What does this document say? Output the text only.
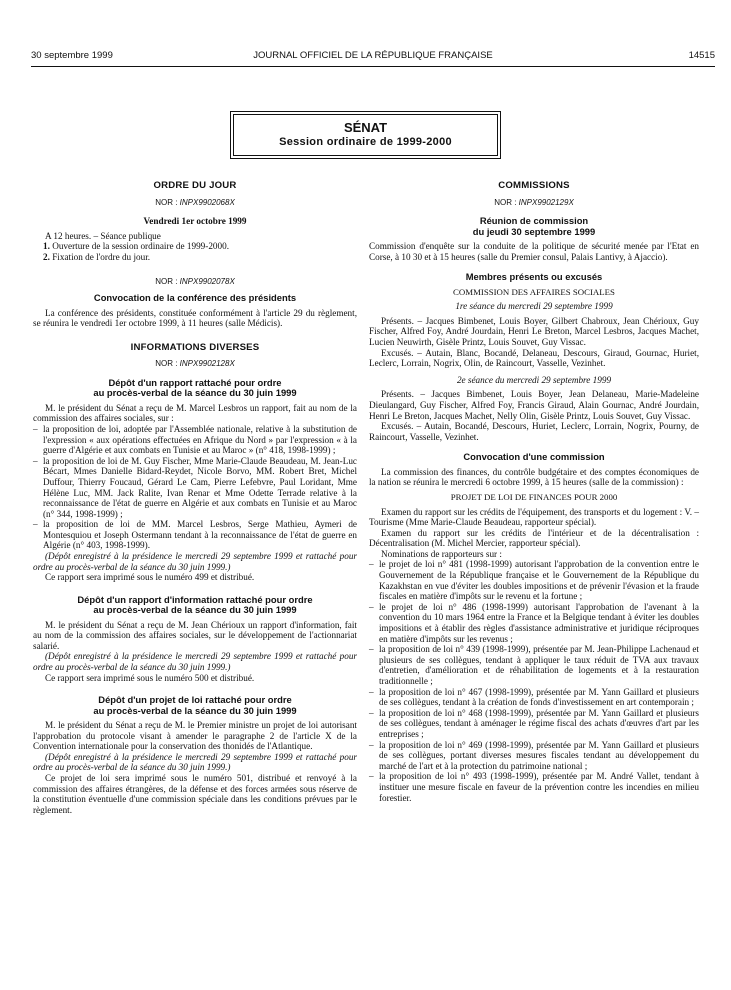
30 septembre 1999	JOURNAL OFFICIEL DE LA RÉPUBLIQUE FRANÇAISE	14515
SÉNAT
Session ordinaire de 1999-2000
ORDRE DU JOUR
NOR : INPX9902068X
Vendredi 1er octobre 1999
A 12 heures. – Séance publique
1. Ouverture de la session ordinaire de 1999-2000.
2. Fixation de l'ordre du jour.
NOR : INPX9902078X
Convocation de la conférence des présidents
La conférence des présidents, constituée conformément à l'article 29 du règlement, se réunira le vendredi 1er octobre 1999, à 11 heures (salle Médicis).
INFORMATIONS DIVERSES
NOR : INPX9902128X
Dépôt d'un rapport rattaché pour ordre
au procès-verbal de la séance du 30 juin 1999
M. le président du Sénat a reçu de M. Marcel Lesbros un rapport, fait au nom de la commission des affaires sociales, sur :
– la proposition de loi, adoptée par l'Assemblée nationale, relative à la substitution de l'expression « aux opérations effectuées en Afrique du Nord » par l'expression « à la guerre d'Algérie et aux combats en Tunisie et au Maroc » (n° 418, 1998-1999) ;
– la proposition de loi de M. Guy Fischer, Mme Marie-Claude Beaudeau, M. Jean-Luc Bécart, Mmes Danielle Bidard-Reydet, Nicole Borvo, MM. Robert Bret, Michel Duffour, Thierry Foucaud, Gérard Le Cam, Pierre Lefebvre, Paul Loridant, Mme Hélène Luc, MM. Jack Ralite, Ivan Renar et Mme Odette Terrade relative à la reconnaissance de l'état de guerre en Algérie et aux combats en Tunisie et au Maroc (n° 344, 1998-1999) ;
– la proposition de loi de MM. Marcel Lesbros, Serge Mathieu, Aymeri de Montesquiou et Joseph Ostermann tendant à la reconnaissance de l'état de guerre en Algérie (n° 403, 1998-1999).
(Dépôt enregistré à la présidence le mercredi 29 septembre 1999 et rattaché pour ordre au procès-verbal de la séance du 30 juin 1999.)
Ce rapport sera imprimé sous le numéro 499 et distribué.
Dépôt d'un rapport d'information rattaché pour ordre
au procès-verbal de la séance du 30 juin 1999
M. le président du Sénat a reçu de M. Jean Chérioux un rapport d'information, fait au nom de la commission des affaires sociales, sur le développement de l'actionnariat salarié.
(Dépôt enregistré à la présidence le mercredi 29 septembre 1999 et rattaché pour ordre au procès-verbal de la séance du 30 juin 1999.)
Ce rapport sera imprimé sous le numéro 500 et distribué.
Dépôt d'un projet de loi rattaché pour ordre
au procès-verbal de la séance du 30 juin 1999
M. le président du Sénat a reçu de M. le Premier ministre un projet de loi autorisant l'approbation du protocole visant à amender le paragraphe 2 de l'article X de la Convention internationale pour la conservation des thonidés de l'Atlantique.
(Dépôt enregistré à la présidence le mercredi 29 septembre 1999 et rattaché pour ordre au procès-verbal de la séance du 30 juin 1999.)
Ce projet de loi sera imprimé sous le numéro 501, distribué et renvoyé à la commission des affaires étrangères, de la défense et des forces armées sous réserve de la constitution éventuelle d'une commission spéciale dans les conditions prévues par le règlement.
COMMISSIONS
NOR : INPX9902129X
Réunion de commission
du jeudi 30 septembre 1999
Commission d'enquête sur la conduite de la politique de sécurité menée par l'Etat en Corse, à 10 30 et à 15 heures (salle du Premier consul, Palais Lantivy, à Ajaccio).
Membres présents ou excusés
COMMISSION DES AFFAIRES SOCIALES
1re séance du mercredi 29 septembre 1999
Présents. – Jacques Bimbenet, Louis Boyer, Gilbert Chabroux, Jean Chérioux, Guy Fischer, Alfred Foy, André Jourdain, Henri Le Breton, Marcel Lesbros, Jacques Machet, Lucien Neuwirth, Gisèle Printz, Louis Souvet, Guy Vissac.
Excusés. – Autain, Blanc, Bocandé, Delaneau, Descours, Giraud, Gournac, Huriet, Leclerc, Lorrain, Nogrix, Olin, de Raincourt, Vasselle, Vezinhet.
2e séance du mercredi 29 septembre 1999
Présents. – Jacques Bimbenet, Louis Boyer, Jean Delaneau, Marie-Madeleine Dieulangard, Guy Fischer, Alfred Foy, Francis Giraud, Alain Gournac, André Jourdain, Henri Le Breton, Jacques Machet, Nelly Olin, Gisèle Printz, Louis Souvet, Guy Vissac.
Excusés. – Autain, Bocandé, Descours, Huriet, Leclerc, Lorrain, Nogrix, Pourny, de Raincourt, Vasselle, Vezinhet.
Convocation d'une commission
La commission des finances, du contrôle budgétaire et des comptes économiques de la nation se réunira le mercredi 6 octobre 1999, à 15 heures (salle de la commission) :
PROJET DE LOI DE FINANCES POUR 2000
Examen du rapport sur les crédits de l'équipement, des transports et du logement : V. – Tourisme (Mme Marie-Claude Beaudeau, rapporteur spécial).
Examen du rapport sur les crédits de l'intérieur et de la décentralisation : Décentralisation (M. Michel Mercier, rapporteur spécial).
Nominations de rapporteurs sur :
– le projet de loi n° 481 (1998-1999) autorisant l'approbation de la convention entre le Gouvernement de la République française et le Gouvernement de la République du Kazakhstan en vue d'éviter les doubles impositions et de prévenir l'évasion et la fraude fiscales en matière d'impôts sur le revenu et la fortune ;
– le projet de loi n° 486 (1998-1999) autorisant l'approbation de l'avenant à la convention du 10 mars 1964 entre la France et la Belgique tendant à éviter les doubles impositions et à établir des règles d'assistance administrative et juridique réciproques en matière d'impôts sur les revenus ;
– la proposition de loi n° 439 (1998-1999), présentée par M. Jean-Philippe Lachenaud et plusieurs de ses collègues, tendant à appliquer le taux réduit de TVA aux travaux d'entretien, d'amélioration et de réhabilitation de logements et à la restauration traditionnelle ;
– la proposition de loi n° 467 (1998-1999), présentée par M. Yann Gaillard et plusieurs de ses collègues, tendant à la création de fonds d'investissement en art contemporain ;
– la proposition de loi n° 468 (1998-1999), présentée par M. Yann Gaillard et plusieurs de ses collègues, tendant à aménager le régime fiscal des achats d'œuvres d'art par les entreprises ;
– la proposition de loi n° 469 (1998-1999), présentée par M. Yann Gaillard et plusieurs de ses collègues, portant diverses mesures fiscales tendant au développement du marché de l'art et à la protection du patrimoine national ;
– la proposition de loi n° 493 (1998-1999), présentée par M. André Vallet, tendant à instituer une mesure fiscale en faveur de la prévention contre les incendies en milieu forestier.
